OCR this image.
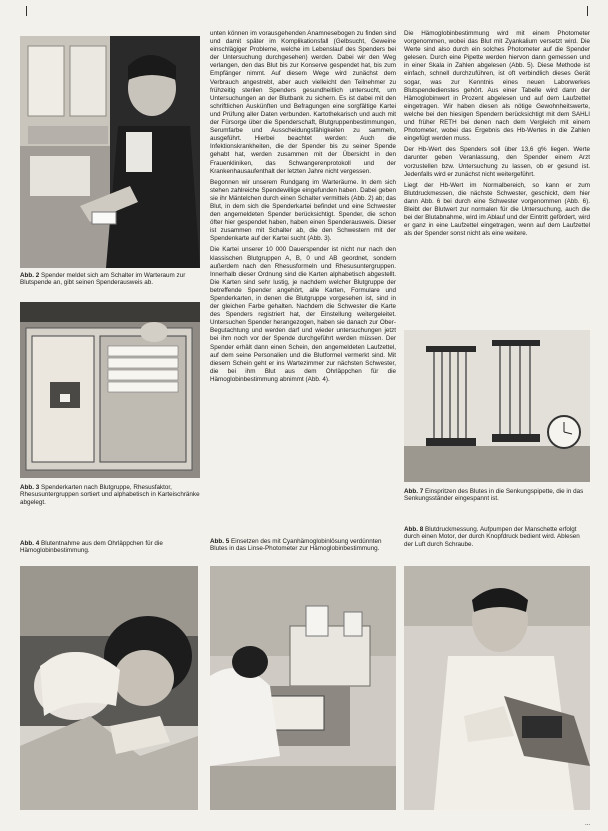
Abb. 2 Spender meldet sich am Schalter im Warteraum zur Blutspende an, gibt seinen Spenderausweis ab.

Abb. 3 Spenderkarten nach Blutgruppe, Rhesusfaktor, Rhesusuntergruppen sortiert und alphabetisch in Karteischränke abgelegt.

Abb. 4 Blutentnahme aus dem Ohrläppchen für die Hämoglobinbestimmung.

unten können im vorausgehenden Anamnesebogen zu finden sind und damit später im Komplikationsfall (Gelbsucht, Geweine einschlägiger Probleme, welche im Lebenslauf des Spenders bei der Untersuchung durchgesehen) werden. Dabei wir den Weg verlangen, den das Blut bis zur Konserve gespendet hat, bis zum Empfänger nimmt. Auf diesem Wege wird zunächst dem Verbrauch angestrebt, aber auch vielleicht den Teilnehmer zu frühzeitig sterilen Spenders gesundheitlich untersucht, um Untersuchungen an der Blutbank zu sichern. Es ist dabei mit den schriftlichen Auskünften und Befragungen eine sorgfältige Kartei und Prüfung aller Daten verbunden. Kartothekarisch und auch mit der Fürsorge über die Spenderschaft, Blutgruppenbestimmungen, Serumfarbe und Ausscheidungsfähigkeiten zu sammeln, ausgeführt. Hierbei beachtet werden: Auch die Infektionskrankheiten, die der Spender bis zu seiner Spende gehabt hat, werden zusammen mit der Übersicht in den Frauenkliniken, das Schwangerenprotokoll und der Krankenhausaufenthalt der letzten Jahre nicht vergessen.

Begonnen wir unserem Rundgang im Warteräume. In dem sich stehen zahlreiche Spendewillige eingefunden haben. Dabei geben sie ihr Mäntelchen durch einen Schalter vermittels (Abb. 2) ab; das Blut, in dem sich die Spenderkartei befindet und eine Schwester den angemeldeten Spender berücksichtigt. Spender, die schon öfter hier gespendet haben, haben einen Spenderausweis. Dieser ist zusammen mit Schalter ab, die den Schwestern mit der Spendenkarte auf der Kartei sucht (Abb. 3).

Die Kartei unserer 10 000 Dauerspender ist nicht nur nach den klassischen Blutgruppen A, B, 0 und AB geordnet, sondern außerdem nach den Rhesusformeln und Rhesusuntergruppen. Innerhalb dieser Ordnung sind die Karten alphabetisch abgestellt. Die Karten sind sehr lustig, je nachdem welcher Blutgruppe der betreffende Spender angehört, alle Karten, Formulare und Spenderkarten, in denen die Blutgruppe vorgesehen ist, sind in der gleichen Farbe gehalten. Nachdem die Schwester die Karte des Spenders registriert hat, der Einstellung weitergeleitet. Untersuchen Spender herangezogen, haben sie danach zur Ober-Begutachtung und werden darf und wieder untersuchungen jetzt bei ihm noch vor der Spende durchgeführt werden müssen. Der Spender erhält dann einen Schein, den angemeldeten Laufzettel, auf dem seine Personalien und die Blutformel vermerkt sind. Mit diesem Schein geht er ins Wartezimmer zur nächsten Schwester, die bei ihm Blut aus dem Ohrläppchen für die Hämoglobinbestimmung abnimmt (Abb. 4).

Abb. 5 Einsetzen des mit Cyanhämoglobinlösung verdünnten Blutes in das Linse-Photometer zur Hämoglobinbestimmung.

Die Hämoglobinbestimmung wird mit einem Photometer vorgenommen, wobei das Blut mit Zyankalium versetzt wird. Die Werte sind also durch ein solches Photometer auf die Spender gelesen. Durch eine Pipette werden hiervon dann gemessen und in einer Skala in Zahlen abgelesen (Abb. 5). Diese Methode ist einfach, schnell durchzuführen, ist oft verbindlich dieses Gerät sogar, was zur Kenntnis eines neuen Laborwerkes Blutspendedienstes gehört. Aus einer Tabelle wird dann der Hämoglobinwert in Prozent abgelesen und auf dem Laufzettel eingetragen. Wir haben diesen als nötige Gewohnheitswerte, welche bei den hiesigen Spendern berücksichtigt mit dem SAHLI und früher RETH bei denen nach dem Vergleich mit einem Photometer, wobei das Ergebnis des Hb-Wertes in die Zahlen eingefügt werden muss.

Der Hb-Wert des Spenders soll über 13,6 g% liegen. Werte darunter geben Veranlassung, den Spender einem Arzt vorzustellen bzw. Untersuchung zu lassen, ob er gesund ist. Jedenfalls wird er zunächst nicht weitergeführt.

Liegt der Hb-Wert im Normalbereich, so kann er zum Blutdruckmessen, die nächste Schwester, geschickt, dem hier dann Abb. 6 bei durch eine Schwester vorgenommen (Abb. 6). Bleibt der Blutwert zur normalen für die Untersuchung, auch die bei der Blutabnahme, wird im Ablauf und der Eintritt gefördert, wird er ganz in eine Laufzettel eingetragen, wenn auf dem Laufzettel als der Spender sonst nicht als eine weitere.

Abb. 7 Einspritzen des Blutes in die Senkungspipette, die in das Senkungsständer eingespannt ist.

Abb. 8 Blutdruckmessung. Aufpumpen der Manschette erfolgt durch einen Motor, der durch Knopfdruck bedient wird. Ablesen der Luft durch Schraube.

...
